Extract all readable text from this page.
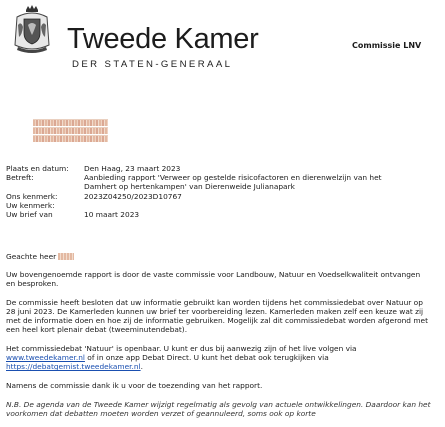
Tweede Kamer
DER STATEN-GENERAAL
Commissie LNV
Plaats en datum:	Den Haag, 23 maart 2023
Betreft:	Aanbieding rapport 'Verweer op gestelde risicofactoren en dierenwelzijn van het
Damhert op hertenkampen' van Dierenweide Julianapark
Ons kenmerk:	2023Z04250/2023D10767
Uw kenmerk:
Uw brief van	10 maart 2023
Geachte heer

Uw bovengenoemde rapport is door de vaste commissie voor Landbouw, Natuur en Voedselkwaliteit ontvangen en besproken.

De commissie heeft besloten dat uw informatie gebruikt kan worden tijdens het commissiedebat over Natuur op 28 juni 2023. De Kamerleden kunnen uw brief ter voorbereiding lezen. Kamerleden maken zelf een keuze wat zij met de informatie doen en hoe zij de informatie gebruiken. Mogelijk zal dit commissiedebat worden afgerond met een heel kort plenair debat (tweeminutendebat).

Het commissiedebat 'Natuur' is openbaar. U kunt er dus bij aanwezig zijn of het live volgen via
www.tweedekamer.nl of in onze app Debat Direct. U kunt het debat ook terugkijken via
https://debatgemist.tweedekamer.nl.

Namens de commissie dank ik u voor de toezending van het rapport.

N.B. De agenda van de Tweede Kamer wijzigt regelmatig als gevolg van actuele ontwikkelingen. Daardoor kan het voorkomen dat debatten moeten worden verzet of geannuleerd, soms ook op korte
